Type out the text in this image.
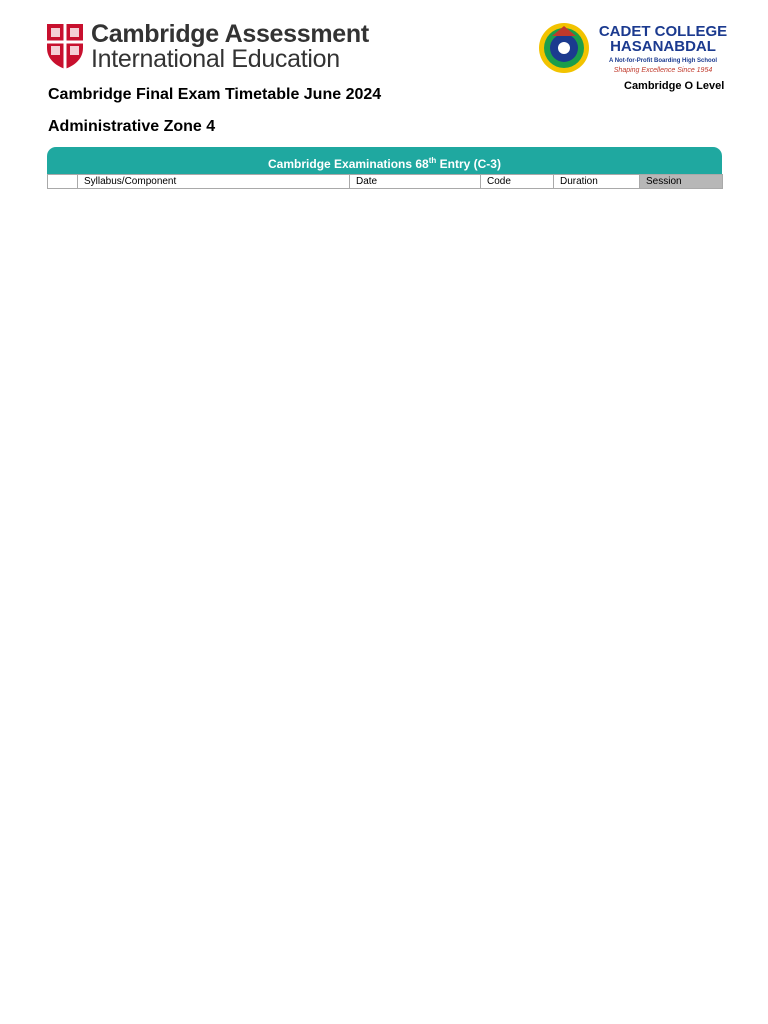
Cambridge Assessment
International Education
CADET COLLEGE
HASANABDAL
A Not-for-Profit Boarding High School
Shaping Excellence Since 1954
Cambridge O Level
Cambridge Final Exam Timetable June 2024
Administrative Zone 4
Cambridge Examinations 68th Entry (C-3)
	Syllabus/Component	Date	Code	Duration	Session
